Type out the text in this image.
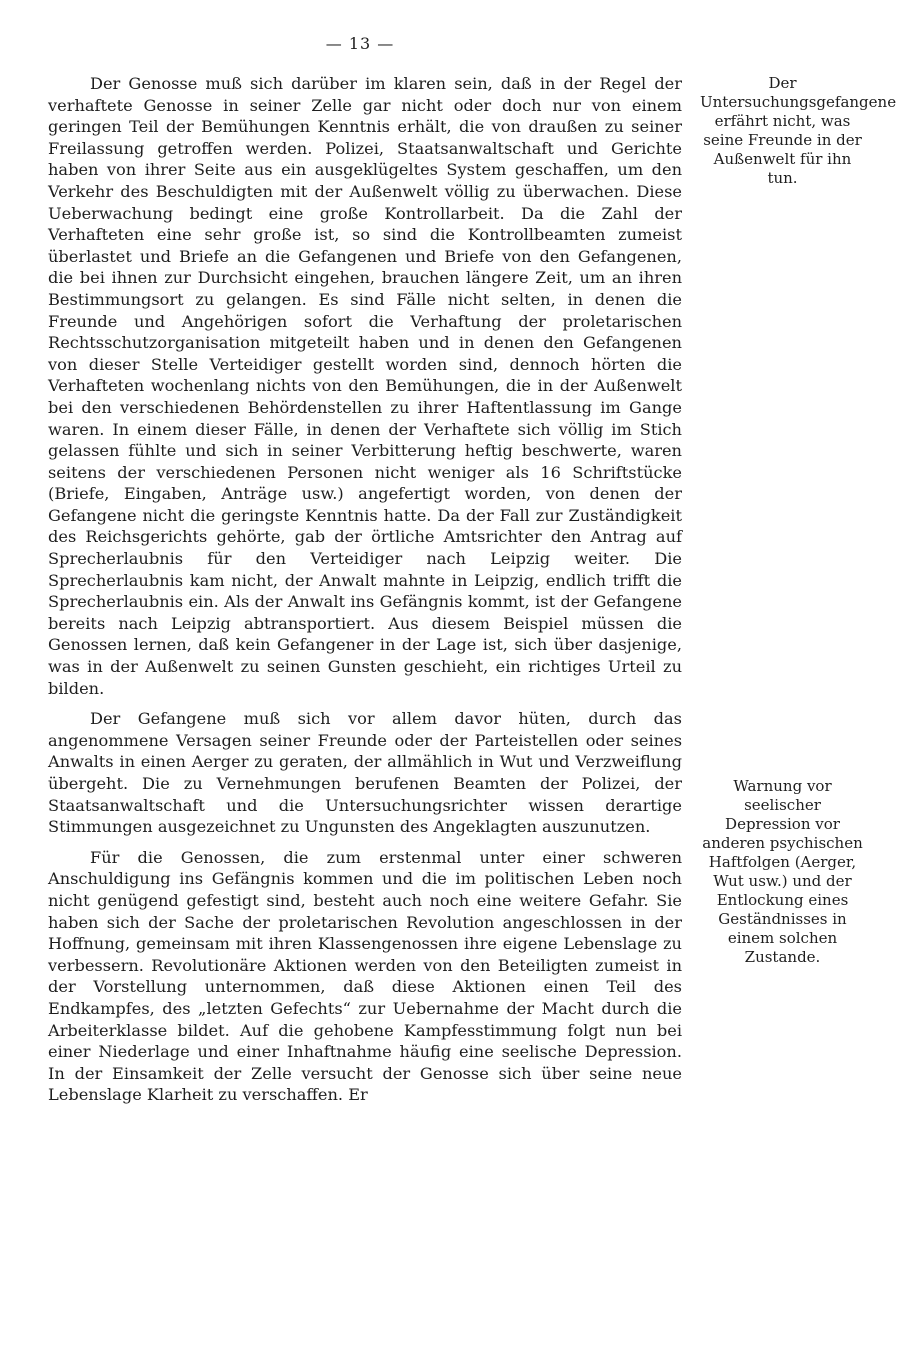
— 13 —

Der Genosse muß sich darüber im klaren sein, daß in der Regel der verhaftete Genosse in seiner Zelle gar nicht oder doch nur von einem geringen Teil der Bemühungen Kenntnis erhält, die von draußen zu seiner Freilassung getroffen werden. Polizei, Staatsanwaltschaft und Gerichte haben von ihrer Seite aus ein ausgeklügeltes System geschaffen, um den Verkehr des Beschuldigten mit der Außenwelt völlig zu überwachen. Diese Ueberwachung bedingt eine große Kontrollarbeit. Da die Zahl der Verhafteten eine sehr große ist, so sind die Kontrollbeamten zumeist überlastet und Briefe an die Gefangenen und Briefe von den Gefangenen, die bei ihnen zur Durchsicht eingehen, brauchen längere Zeit, um an ihren Bestimmungsort zu gelangen. Es sind Fälle nicht selten, in denen die Freunde und Angehörigen sofort die Verhaftung der proletarischen Rechtsschutzorganisation mitgeteilt haben und in denen den Gefangenen von dieser Stelle Verteidiger gestellt worden sind, dennoch hörten die Verhafteten wochenlang nichts von den Bemühungen, die in der Außenwelt bei den verschiedenen Behördenstellen zu ihrer Haftentlassung im Gange waren. In einem dieser Fälle, in denen der Verhaftete sich völlig im Stich gelassen fühlte und sich in seiner Verbitterung heftig beschwerte, waren seitens der verschiedenen Personen nicht weniger als 16 Schriftstücke (Briefe, Eingaben, Anträge usw.) angefertigt worden, von denen der Gefangene nicht die geringste Kenntnis hatte. Da der Fall zur Zuständigkeit des Reichsgerichts gehörte, gab der örtliche Amtsrichter den Antrag auf Sprecherlaubnis für den Verteidiger nach Leipzig weiter. Die Sprecherlaubnis kam nicht, der Anwalt mahnte in Leipzig, endlich trifft die Sprecherlaubnis ein. Als der Anwalt ins Gefängnis kommt, ist der Gefangene bereits nach Leipzig abtransportiert. Aus diesem Beispiel müssen die Genossen lernen, daß kein Gefangener in der Lage ist, sich über dasjenige, was in der Außenwelt zu seinen Gunsten geschieht, ein richtiges Urteil zu bilden.

Der Gefangene muß sich vor allem davor hüten, durch das angenommene Versagen seiner Freunde oder der Parteistellen oder seines Anwalts in einen Aerger zu geraten, der allmählich in Wut und Verzweiflung übergeht. Die zu Vernehmungen berufenen Beamten der Polizei, der Staatsanwaltschaft und die Untersuchungsrichter wissen derartige Stimmungen ausgezeichnet zu Ungunsten des Angeklagten auszunutzen.

Für die Genossen, die zum erstenmal unter einer schweren Anschuldigung ins Gefängnis kommen und die im politischen Leben noch nicht genügend gefestigt sind, besteht auch noch eine weitere Gefahr. Sie haben sich der Sache der proletarischen Revolution angeschlossen in der Hoffnung, gemeinsam mit ihren Klassengenossen ihre eigene Lebenslage zu verbessern. Revolutionäre Aktionen werden von den Beteiligten zumeist in der Vorstellung unternommen, daß diese Aktionen einen Teil des Endkampfes, des „letzten Gefechts“ zur Uebernahme der Macht durch die Arbeiterklasse bildet. Auf die gehobene Kampfesstimmung folgt nun bei einer Niederlage und einer Inhaftnahme häufig eine seelische Depression. In der Einsamkeit der Zelle versucht der Genosse sich über seine neue Lebenslage Klarheit zu verschaffen. Er

Der Untersuchungsgefangene erfährt nicht, was seine Freunde in der Außenwelt für ihn tun.
Warnung vor seelischer Depression vor anderen psychischen Haftfolgen (Aerger, Wut usw.) und der Entlockung eines Geständnisses in einem solchen Zustande.
